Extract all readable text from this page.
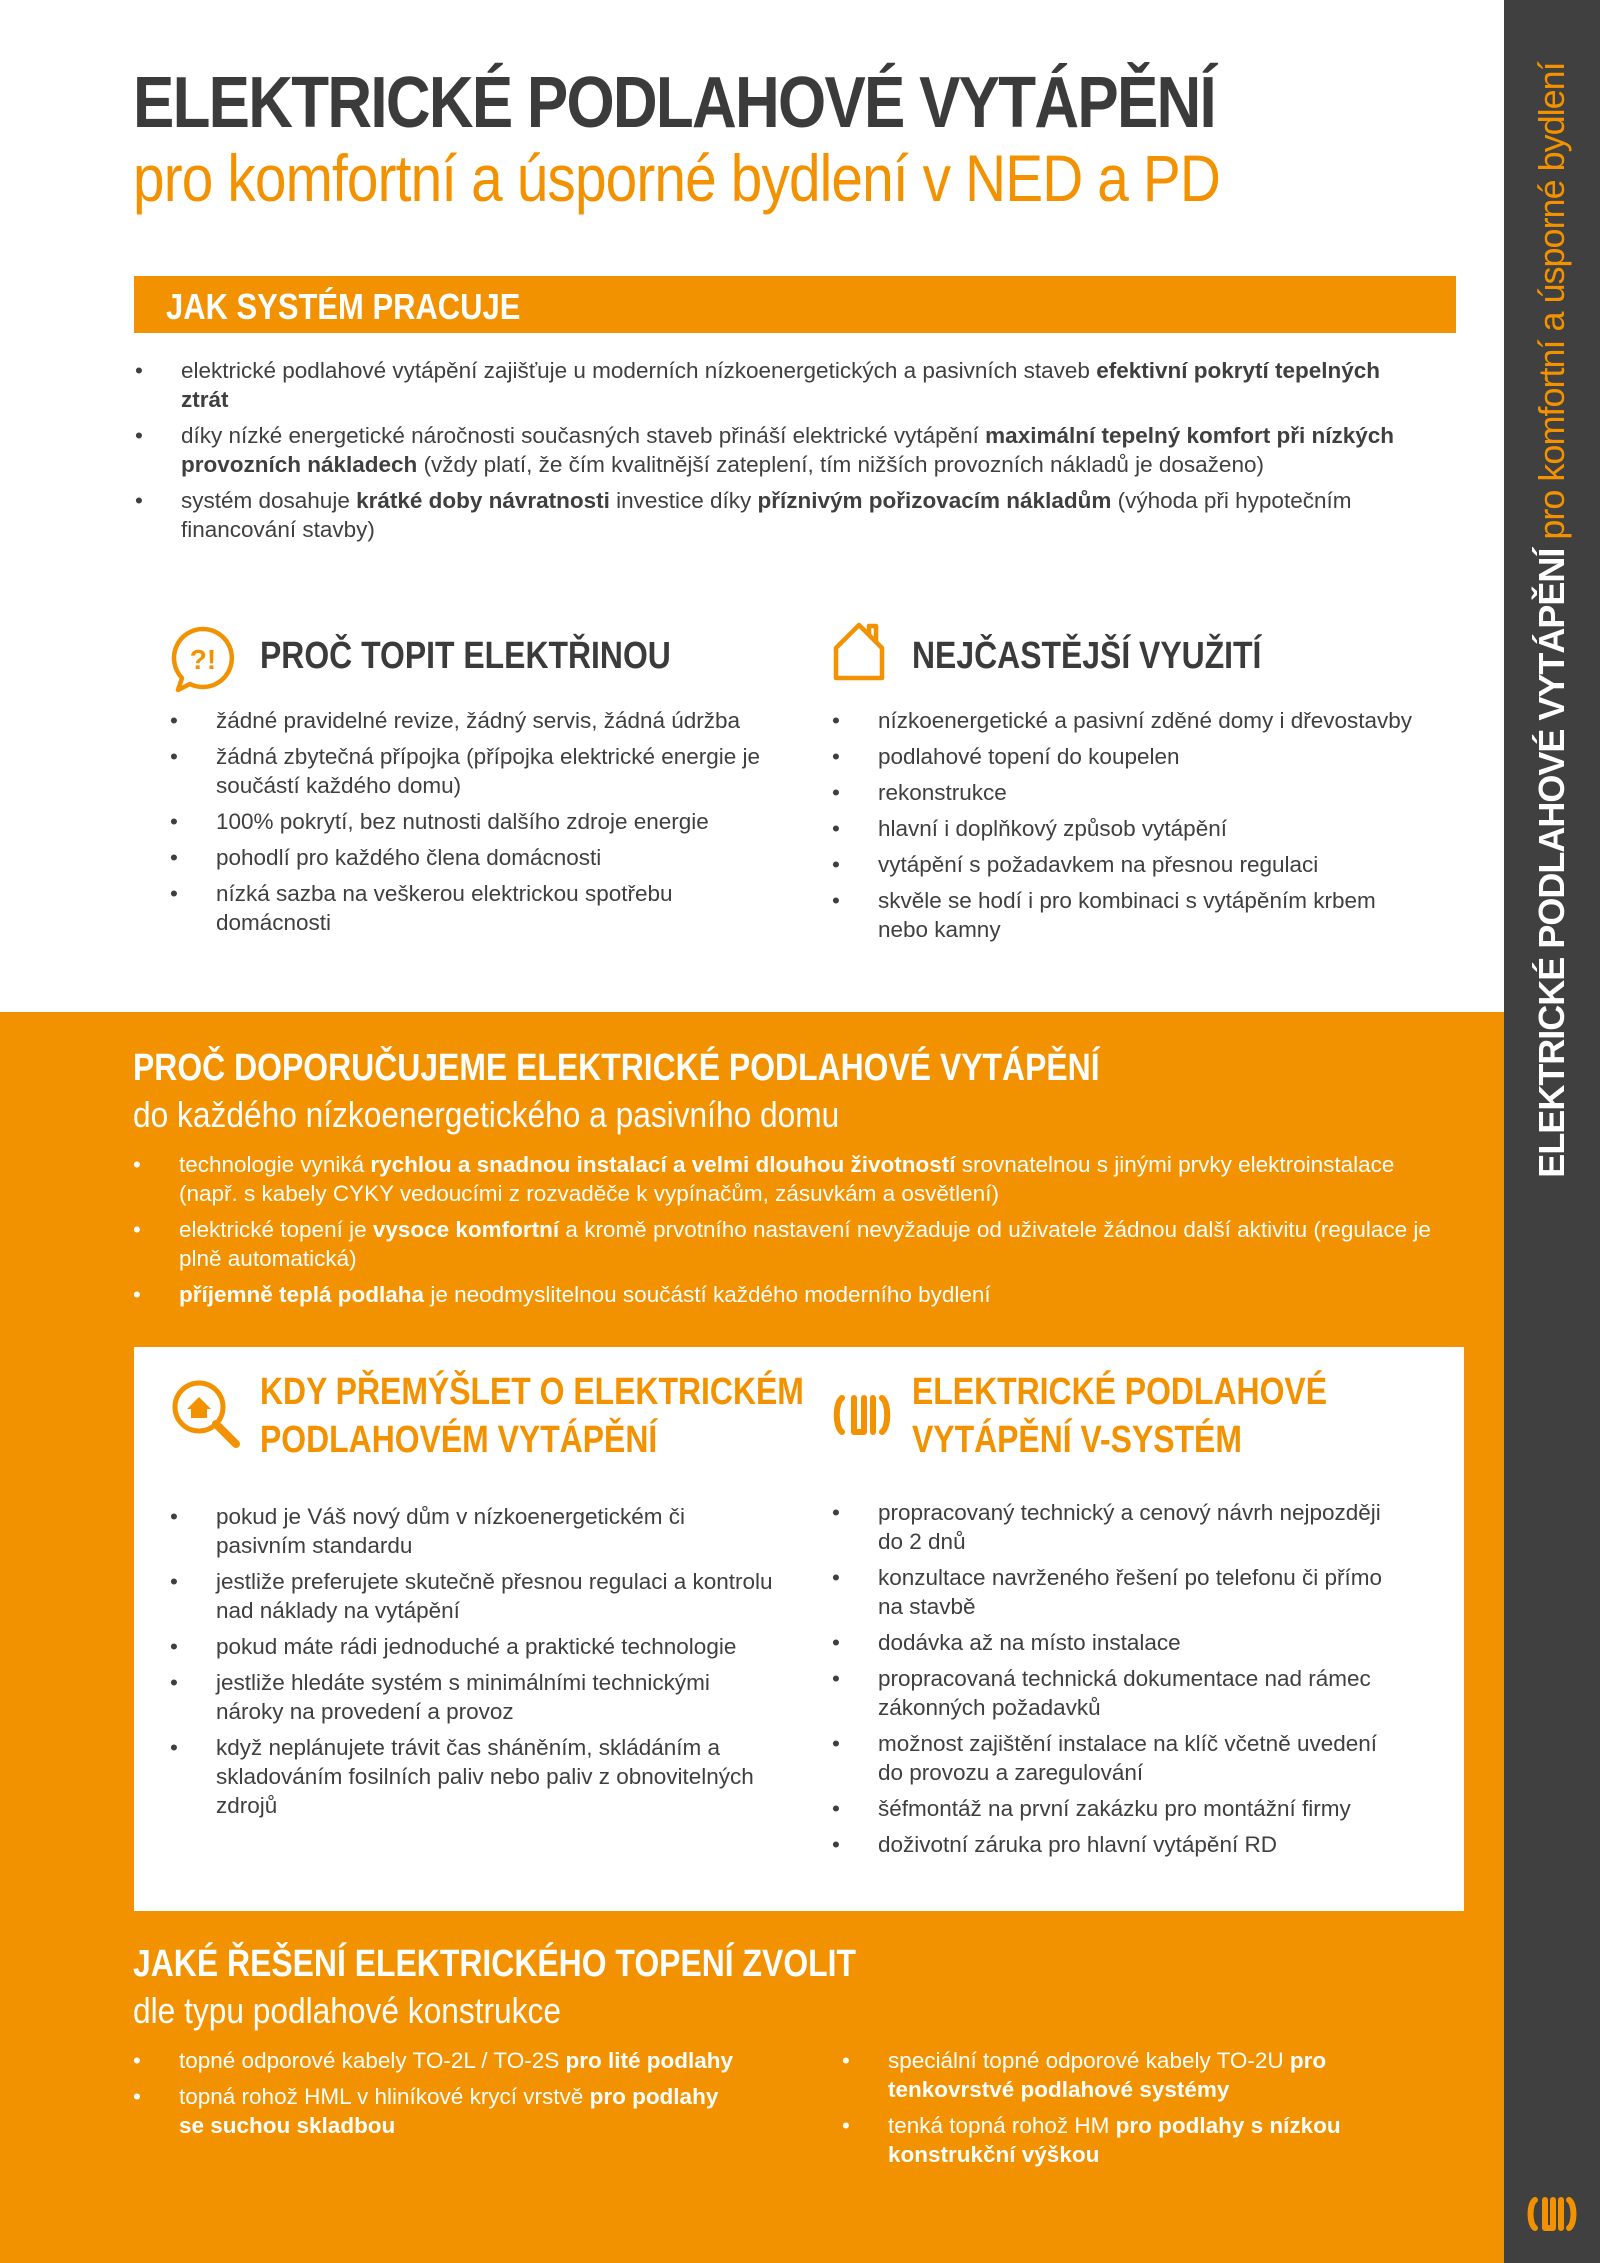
ELEKTRICKÉ PODLAHOVÉ VYTÁPĚNÍ pro komfortní a úsporné bydlení
ELEKTRICKÉ PODLAHOVÉ VYTÁPĚNÍ
pro komfortní a úsporné bydlení v NED a PD
JAK SYSTÉM PRACUJE
• elektrické podlahové vytápění zajišťuje u moderních nízkoenergetických a pasivních staveb efektivní pokrytí tepelných ztrát
• díky nízké energetické náročnosti současných staveb přináší elektrické vytápění maximální tepelný komfort při nízkých provozních nákladech (vždy platí, že čím kvalitnější zateplení, tím nižších provozních nákladů je dosaženo)
• systém dosahuje krátké doby návratnosti investice díky příznivým pořizovacím nákladům (výhoda při hypotečním financování stavby)
?! PROČ TOPIT ELEKTŘINOU
• žádné pravidelné revize, žádný servis, žádná údržba
• žádná zbytečná přípojka (přípojka elektrické energie je součástí každého domu)
• 100% pokrytí, bez nutnosti dalšího zdroje energie
• pohodlí pro každého člena domácnosti
• nízká sazba na veškerou elektrickou spotřebu domácnosti
NEJČASTĚJŠÍ VYUŽITÍ
• nízkoenergetické a pasivní zděné domy i dřevostavby
• podlahové topení do koupelen
• rekonstrukce
• hlavní i doplňkový způsob vytápění
• vytápění s požadavkem na přesnou regulaci
• skvěle se hodí i pro kombinaci s vytápěním krbem nebo kamny
PROČ DOPORUČUJEME ELEKTRICKÉ PODLAHOVÉ VYTÁPĚNÍ
do každého nízkoenergetického a pasivního domu
• technologie vyniká rychlou a snadnou instalací a velmi dlouhou životností srovnatelnou s jinými prvky elektroinstalace (např. s kabely CYKY vedoucími z rozvaděče k vypínačům, zásuvkám a osvětlení)
• elektrické topení je vysoce komfortní a kromě prvotního nastavení nevyžaduje od uživatele žádnou další aktivitu (regulace je plně automatická)
• příjemně teplá podlaha je neodmyslitelnou součástí každého moderního bydlení
KDY PŘEMÝŠLET O ELEKTRICKÉM
PODLAHOVÉM VYTÁPĚNÍ
• pokud je Váš nový dům v nízkoenergetickém či pasivním standardu
• jestliže preferujete skutečně přesnou regulaci a kontrolu nad náklady na vytápění
• pokud máte rádi jednoduché a praktické technologie
• jestliže hledáte systém s minimálními technickými nároky na provedení a provoz
• když neplánujete trávit čas sháněním, skládáním a skladováním fosilních paliv nebo paliv z obnovitelných zdrojů
ELEKTRICKÉ PODLAHOVÉ
VYTÁPĚNÍ V-SYSTÉM
• propracovaný technický a cenový návrh nejpozději do 2 dnů
• konzultace navrženého řešení po telefonu či přímo na stavbě
• dodávka až na místo instalace
• propracovaná technická dokumentace nad rámec zákonných požadavků
• možnost zajištění instalace na klíč včetně uvedení do provozu a zaregulování
• šéfmontáž na první zakázku pro montážní firmy
• doživotní záruka pro hlavní vytápění RD
JAKÉ ŘEŠENÍ ELEKTRICKÉHO TOPENÍ ZVOLIT
dle typu podlahové konstrukce
• topné odporové kabely TO-2L / TO-2S pro lité podlahy
• topná rohož HML v hliníkové krycí vrstvě pro podlahy se suchou skladbou
• speciální topné odporové kabely TO-2U pro tenkovrstvé podlahové systémy
• tenká topná rohož HM pro podlahy s nízkou konstrukční výškou
